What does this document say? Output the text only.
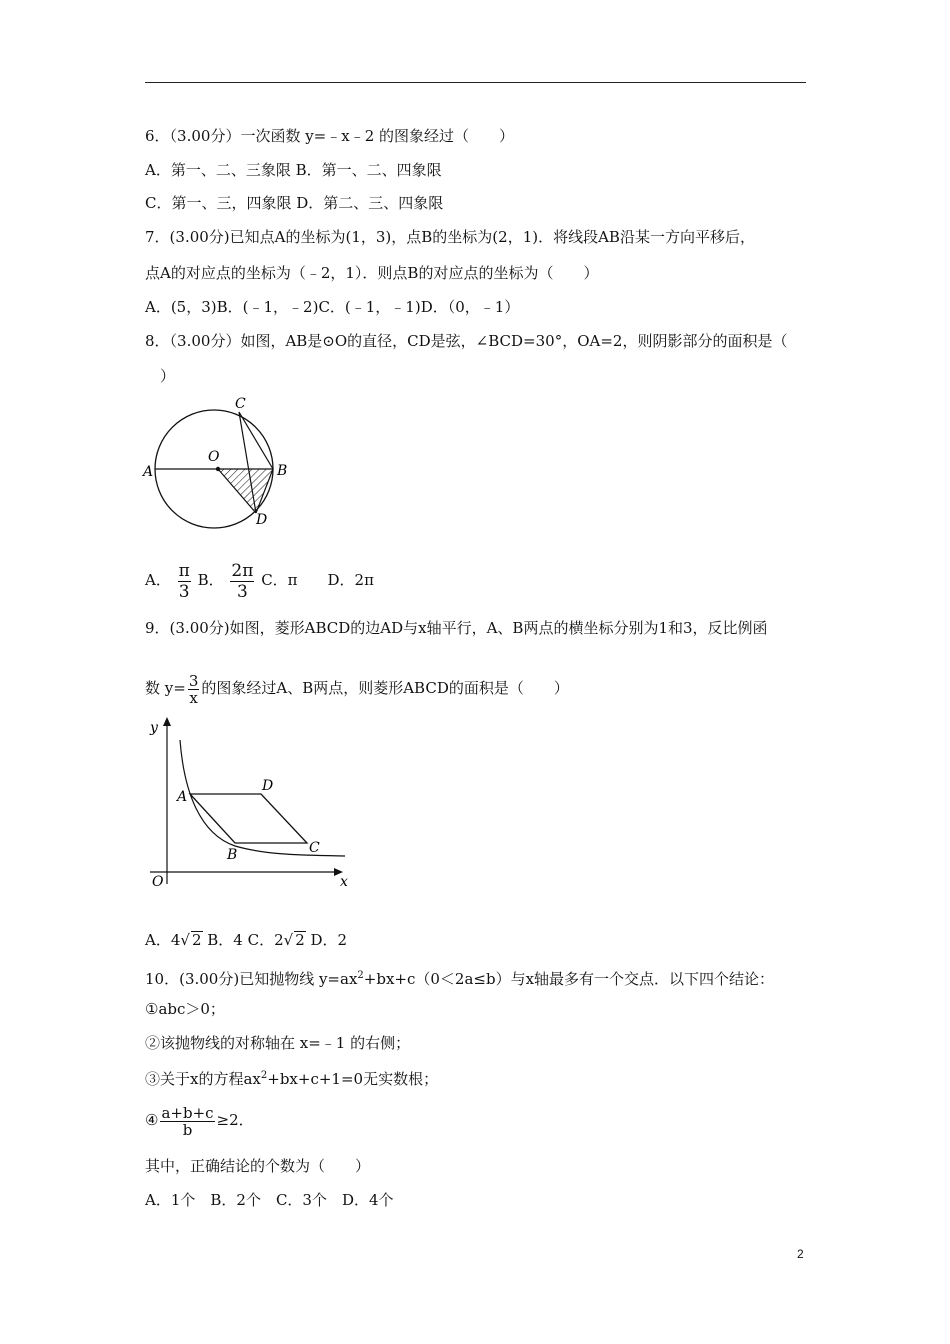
6．（3.00分）一次函数 y=﹣x﹣2 的图象经过（　　）
A．第一、二、三象限 B．第一、二、四象限
C．第一、三，四象限 D．第二、三、四象限
7．(3.00分)已知点A的坐标为(1，3)，点B的坐标为(2，1)．将线段AB沿某一方向平移后，
点A的对应点的坐标为（﹣2，1）．则点B的对应点的坐标为（　　）
A．(5，3)B．(﹣1，﹣2)C．(﹣1，﹣1)D．（0，﹣1）
8．（3.00分）如图，AB是⊙O的直径，CD是弦，∠BCD=30°，OA=2，则阴影部分的面积是（
）
A
O
B
C
D
A． $\frac{\pi}{3}$ B． $\frac{2\pi}{3}$ C．π　　D．2π
9．(3.00分)如图，菱形ABCD的边AD与x轴平行，A、B两点的横坐标分别为1和3，反比例函
数 $y= \frac{3}{x}$ 的图象经过A、B两点，则菱形ABCD的面积是（　　）
y
x
O
A
D
B	C
A．4√ 2 B．4 C．2√ 2 D．2
10．(3.00分)已知抛物线 $y=ax^2+bx+c(0<2a\le b)$与x轴最多有一个交点．以下四个结论：
①abc＞0；
②该抛物线的对称轴在 x=﹣1 的右侧；
③关于x的方程$ax^2+bx+c+1=0$无实数根；
④ $\frac{a+b+c}{b} \ge 2$．
其中，正确结论的个数为（　　）
A．1个　B．2个　C．3个　D．4个
2
